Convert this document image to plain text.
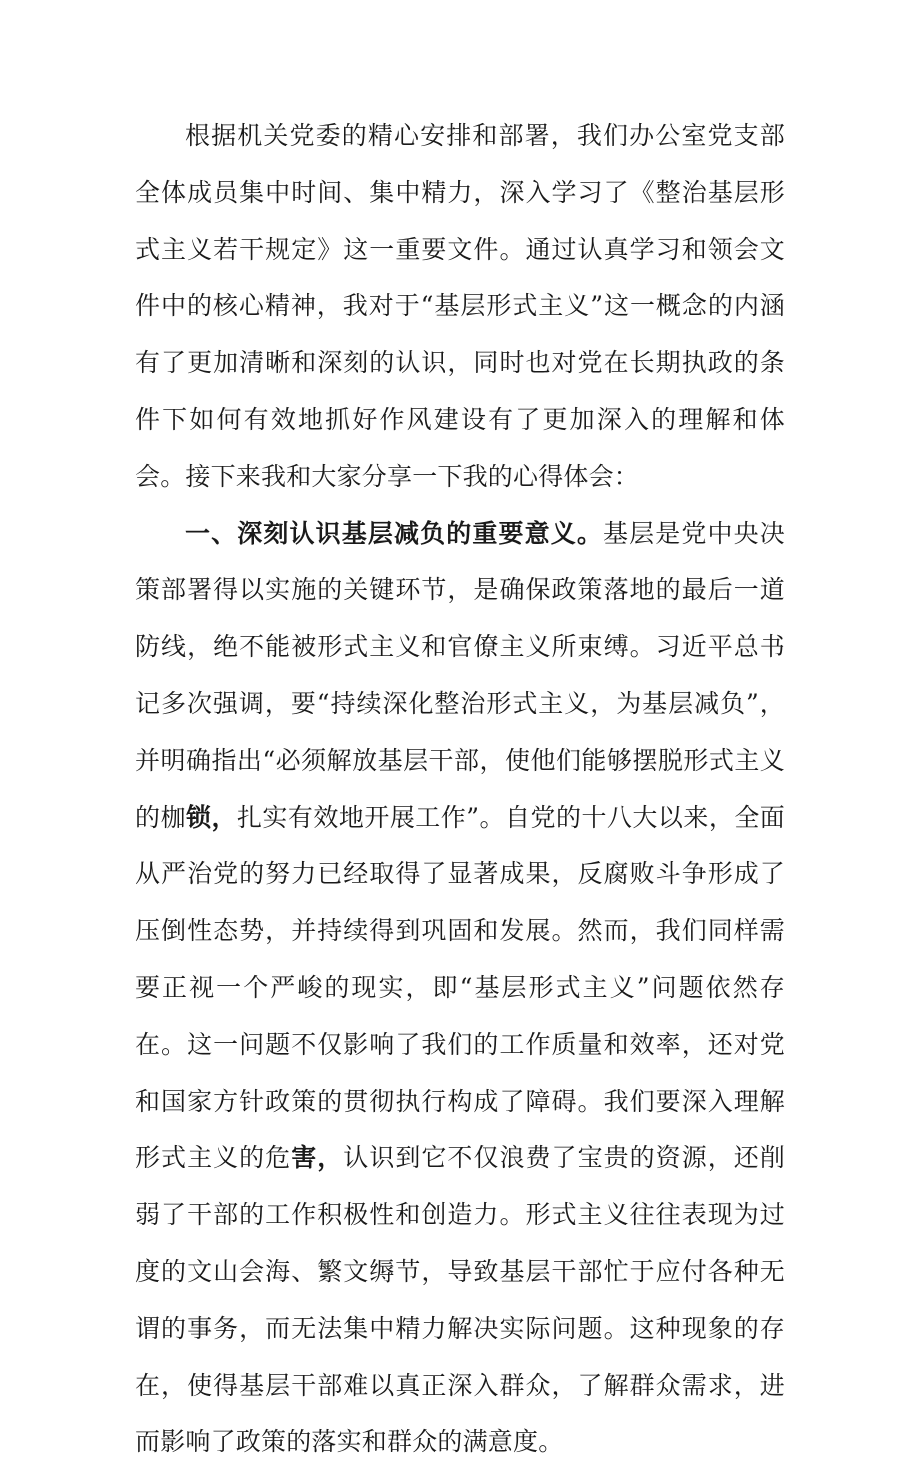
根据机关党委的精心安排和部署，我们办公室党支部全体成员集中时间、集中精力，深入学习了《整治基层形式主义若干规定》这一重要文件。通过认真学习和领会文件中的核心精神，我对于“基层形式主义”这一概念的内涵有了更加清晰和深刻的认识，同时也对党在长期执政的条件下如何有效地抓好作风建设有了更加深入的理解和体会。接下来我和大家分享一下我的心得体会：

一、深刻认识基层减负的重要意义。基层是党中央决策部署得以实施的关键环节，是确保政策落地的最后一道防线，绝不能被形式主义和官僚主义所束缚。习近平总书记多次强调，要“持续深化整治形式主义，为基层减负”，并明确指出“必须解放基层干部，使他们能够摆脱形式主义的枷锁，扎实有效地开展工作”。自党的十八大以来，全面从严治党的努力已经取得了显著成果，反腐败斗争形成了压倒性态势，并持续得到巩固和发展。然而，我们同样需要正视一个严峻的现实，即“基层形式主义”问题依然存在。这一问题不仅影响了我们的工作质量和效率，还对党和国家方针政策的贯彻执行构成了障碍。我们要深入理解形式主义的危害，认识到它不仅浪费了宝贵的资源，还削弱了干部的工作积极性和创造力。形式主义往往表现为过度的文山会海、繁文缛节，导致基层干部忙于应付各种无谓的事务，而无法集中精力解决实际问题。这种现象的存在，使得基层干部难以真正深入群众，了解群众需求，进而影响了政策的落实和群众的满意度。
